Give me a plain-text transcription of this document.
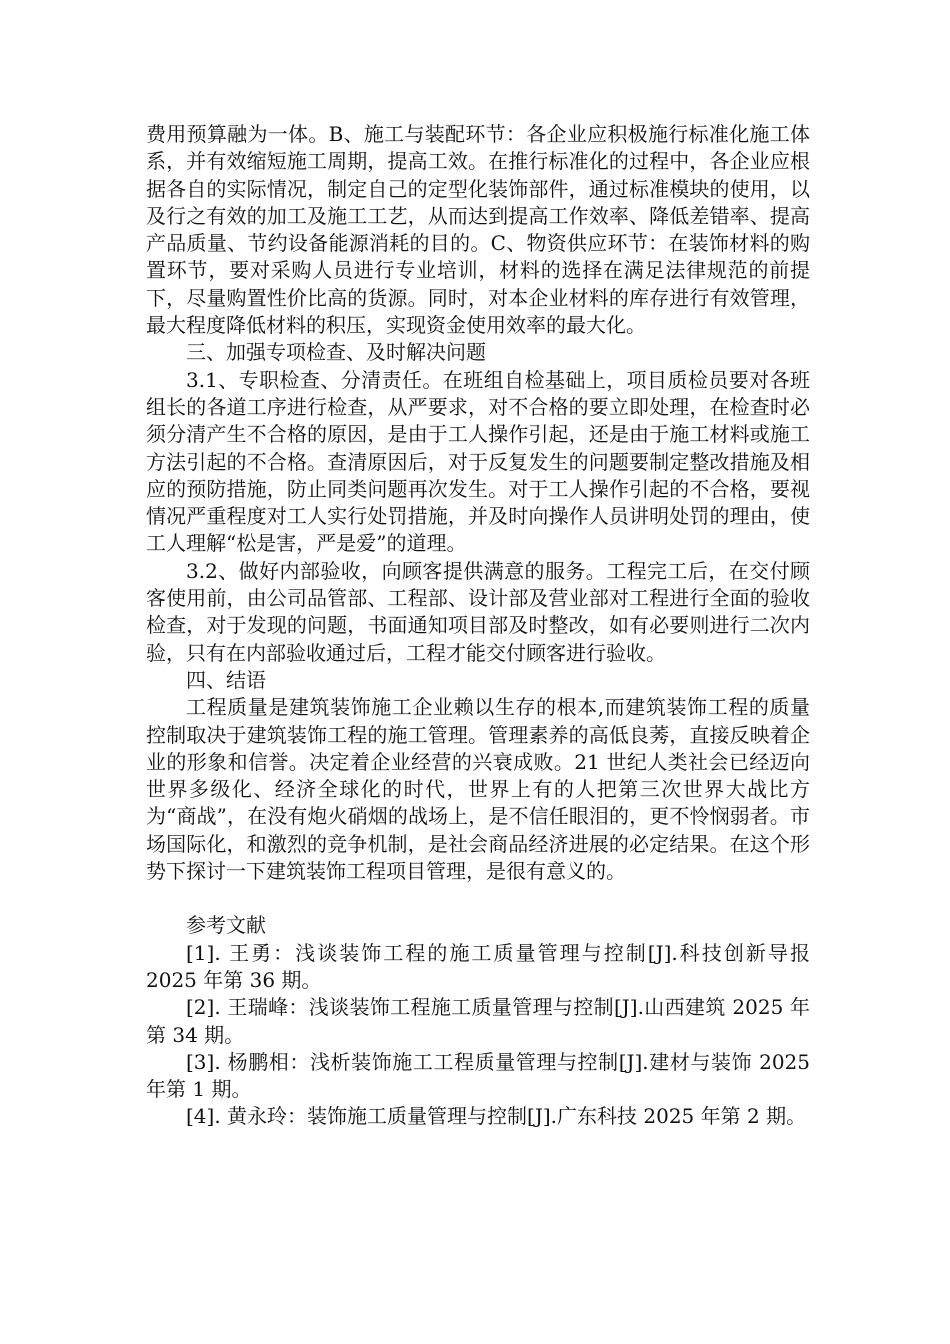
费用预算融为一体。B、施工与装配环节：各企业应积极施行标准化施工体系，并有效缩短施工周期，提高工效。在推行标准化的过程中，各企业应根据各自的实际情况，制定自己的定型化装饰部件，通过标准模块的使用，以及行之有效的加工及施工工艺，从而达到提高工作效率、降低差错率、提高产品质量、节约设备能源消耗的目的。C、物资供应环节：在装饰材料的购置环节，要对采购人员进行专业培训，材料的选择在满足法律规范的前提下，尽量购置性价比高的货源。同时，对本企业材料的库存进行有效管理，最大程度降低材料的积压，实现资金使用效率的最大化。

三、加强专项检查、及时解决问题

3.1、专职检查、分清责任。在班组自检基础上，项目质检员要对各班组长的各道工序进行检查，从严要求，对不合格的要立即处理，在检查时必须分清产生不合格的原因，是由于工人操作引起，还是由于施工材料或施工方法引起的不合格。查清原因后，对于反复发生的问题要制定整改措施及相应的预防措施，防止同类问题再次发生。对于工人操作引起的不合格，要视情况严重程度对工人实行处罚措施，并及时向操作人员讲明处罚的理由，使工人理解“松是害，严是爱”的道理。

3.2、做好内部验收，向顾客提供满意的服务。工程完工后，在交付顾客使用前，由公司品管部、工程部、设计部及营业部对工程进行全面的验收检查，对于发现的问题，书面通知项目部及时整改，如有必要则进行二次内验，只有在内部验收通过后，工程才能交付顾客进行验收。

四、结语

工程质量是建筑装饰施工企业赖以生存的根本,而建筑装饰工程的质量控制取决于建筑装饰工程的施工管理。管理素养的高低良莠，直接反映着企业的形象和信誉。决定着企业经营的兴衰成败。21 世纪人类社会已经迈向世界多级化、经济全球化的时代，世界上有的人把第三次世界大战比方为“商战”，在没有炮火硝烟的战场上，是不信任眼泪的，更不怜悯弱者。市场国际化，和激烈的竞争机制，是社会商品经济进展的必定结果。在这个形势下探讨一下建筑装饰工程项目管理，是很有意义的。

参考文献

[1]. 王勇：浅谈装饰工程的施工质量管理与控制[J].科技创新导报 2025 年第 36 期。

[2]. 王瑞峰：浅谈装饰工程施工质量管理与控制[J].山西建筑 2025 年第 34 期。

[3]. 杨鹏相：浅析装饰施工工程质量管理与控制[J].建材与装饰 2025 年第 1 期。

[4]. 黄永玲：装饰施工质量管理与控制[J].广东科技 2025 年第 2 期。
